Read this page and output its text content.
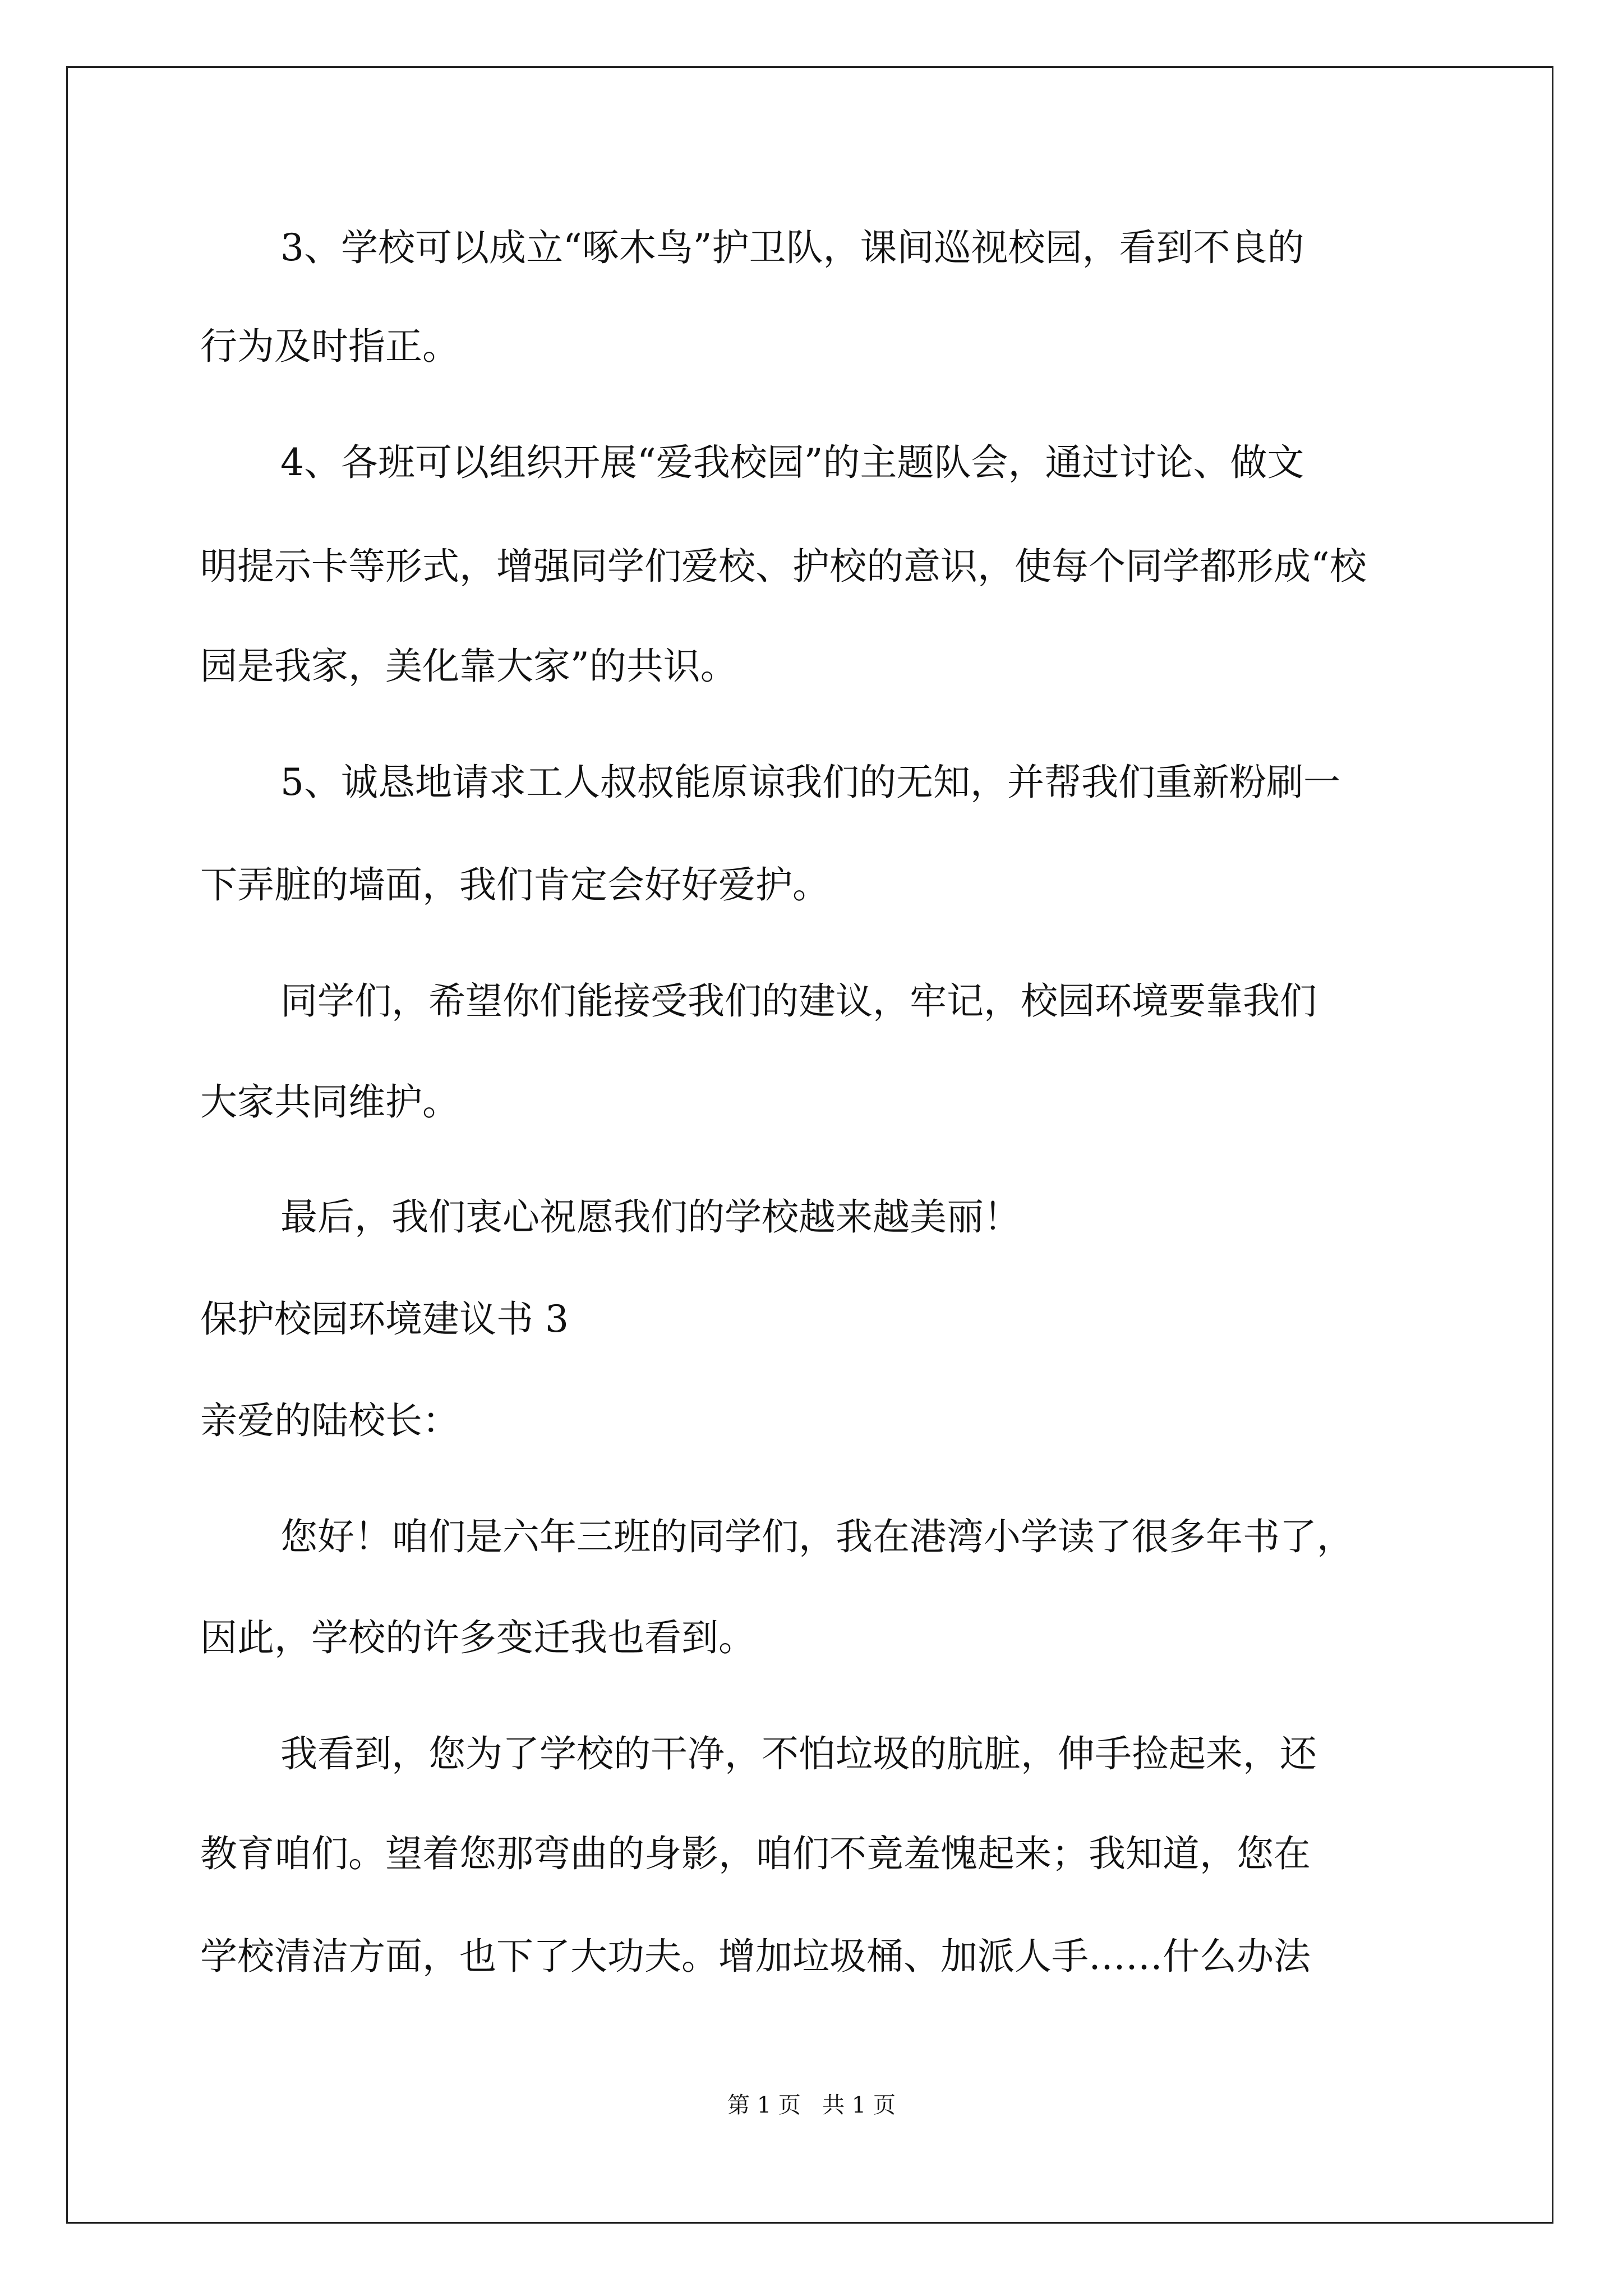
3、学校可以成立“啄木鸟”护卫队，课间巡视校园，看到不良的
行为及时指正。
4、各班可以组织开展“爱我校园”的主题队会，通过讨论、做文
明提示卡等形式，增强同学们爱校、护校的意识，使每个同学都形成“校
园是我家，美化靠大家”的共识。
5、诚恳地请求工人叔叔能原谅我们的无知，并帮我们重新粉刷一
下弄脏的墙面，我们肯定会好好爱护。
同学们，希望你们能接受我们的建议，牢记，校园环境要靠我们
大家共同维护。
最后，我们衷心祝愿我们的学校越来越美丽！
保护校园环境建议书 3
亲爱的陆校长：
您好！咱们是六年三班的同学们，我在港湾小学读了很多年书了，
因此，学校的许多变迁我也看到。
我看到，您为了学校的干净，不怕垃圾的肮脏，伸手捡起来，还
教育咱们。望着您那弯曲的身影，咱们不竟羞愧起来；我知道，您在
学校清洁方面，也下了大功夫。增加垃圾桶、加派人手……什么办法
第 1 页   共 1 页
